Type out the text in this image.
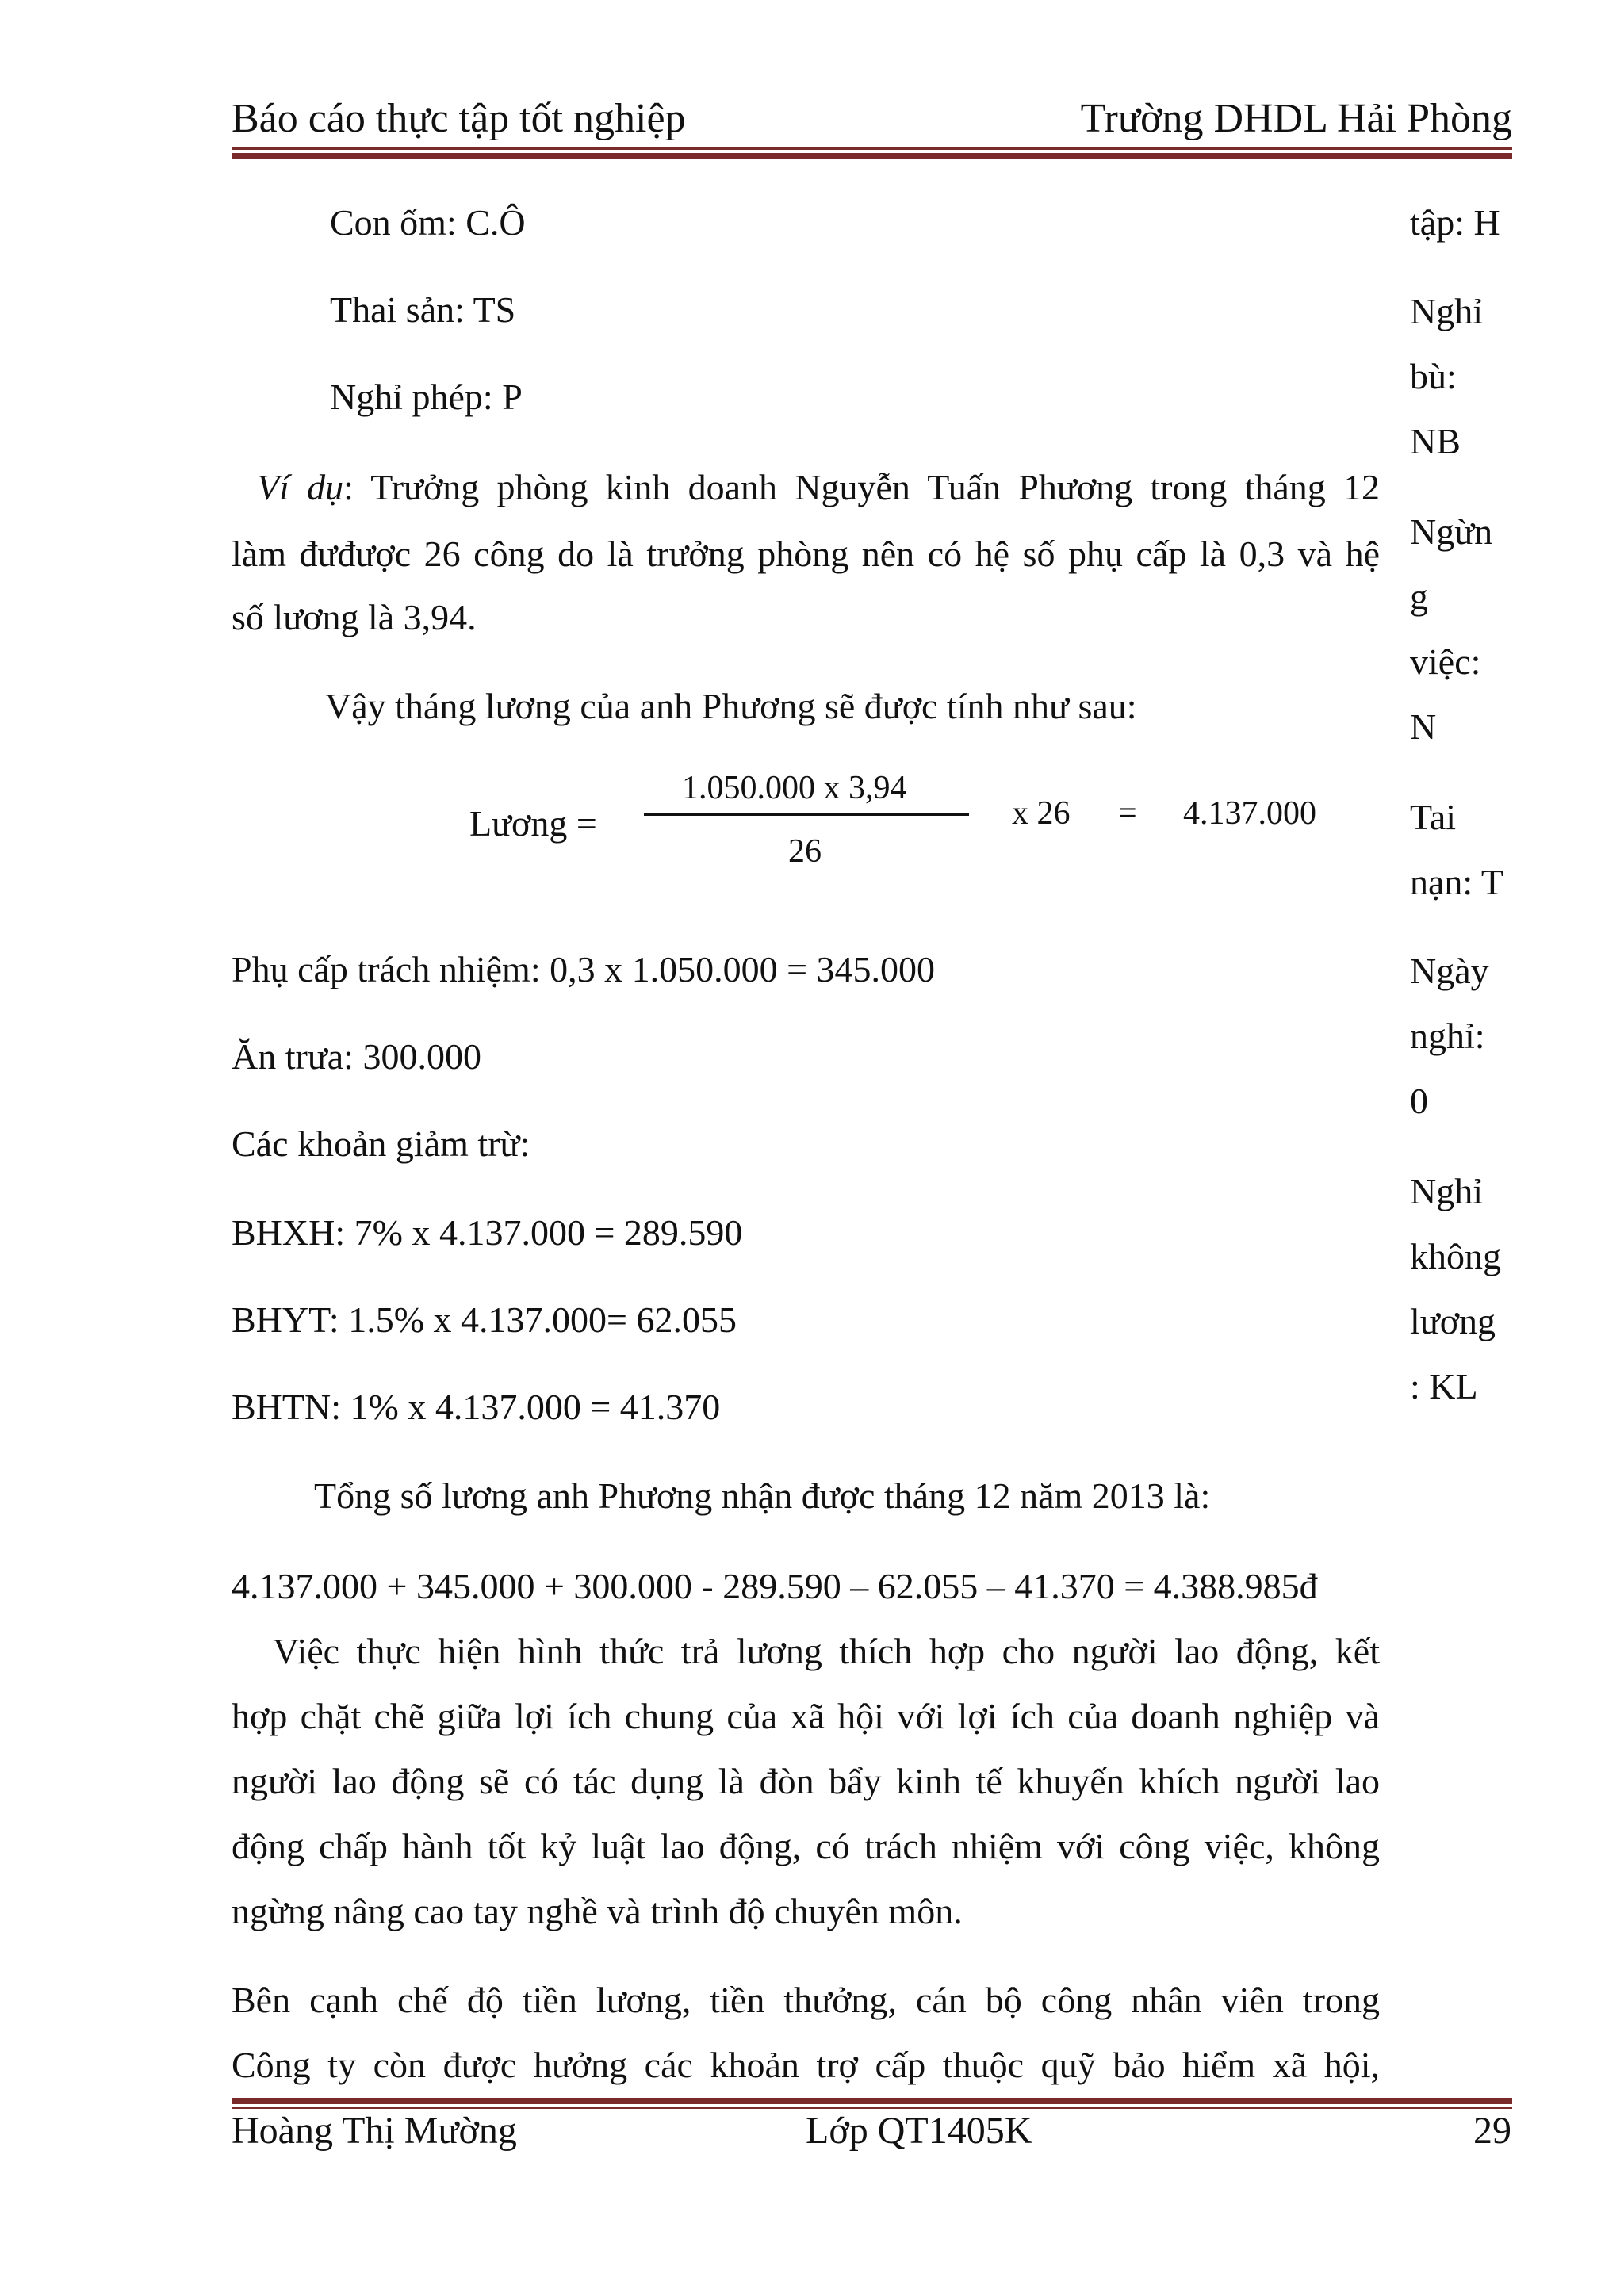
Báo cáo thực tập tốt nghiệp	Trường DHDL Hải Phòng
Con ốm: C.Ô
Thai sản: TS
Nghỉ phép: P
tập: H
Nghỉ
bù:
NB
Ngừn
g
việc:
N
Tai
nạn: T
Ngày
nghỉ:
0
Nghỉ
không
lương
: KL
Ví dụ: Trưởng phòng kinh doanh Nguyễn Tuấn Phương trong tháng 12
làm đưđược 26 công do là trưởng phòng nên có hệ số phụ cấp là 0,3 và hệ
số lương là 3,94.
Vậy tháng lương của anh Phương sẽ được tính như sau:
Lương =
1.050.000 x 3,94
26
x 26 = 4.137.000
Phụ cấp trách nhiệm: 0,3 x 1.050.000 = 345.000
Ăn trưa: 300.000
Các khoản giảm trừ:
BHXH: 7% x 4.137.000 = 289.590
BHYT: 1.5% x 4.137.000= 62.055
BHTN: 1% x 4.137.000 = 41.370
Tổng số lương anh Phương nhận được tháng 12 năm 2013 là:
4.137.000 + 345.000 + 300.000 - 289.590 – 62.055 – 41.370 = 4.388.985đ
Việc thực hiện hình thức trả lương thích hợp cho người lao động, kết
hợp chặt chẽ giữa lợi ích chung của xã hội với lợi ích của doanh nghiệp và
người lao động sẽ có tác dụng là đòn bẩy kinh tế khuyến khích người lao
động chấp hành tốt kỷ luật lao động, có trách nhiệm với công việc, không
ngừng nâng cao tay nghề và trình độ chuyên môn.
Bên cạnh chế độ tiền lương, tiền thưởng, cán bộ công nhân viên trong
Công ty còn được hưởng các khoản trợ cấp thuộc quỹ bảo hiểm xã hội,
Hoàng Thị Mường	Lớp QT1405K	29
